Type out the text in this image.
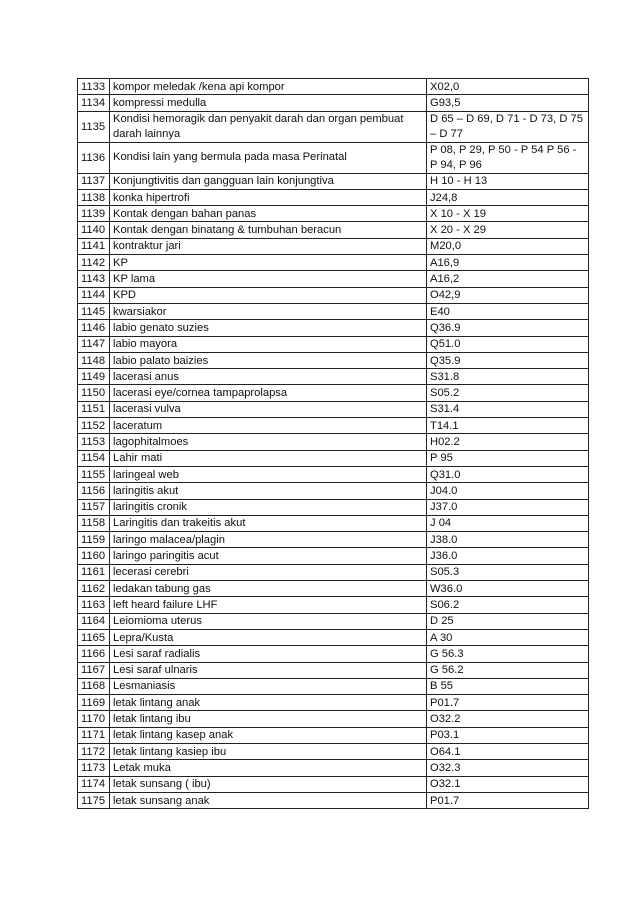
1133	kompor meledak /kena api kompor	X02,0
1134	kompressi medulla	G93,5
1135	Kondisi hemoragik dan penyakit darah dan organ pembuat darah lainnya	D 65 – D 69, D 71 - D 73, D 75 – D 77
1136	Kondisi lain yang bermula pada masa Perinatal	P 08, P 29, P 50 - P 54 P 56 - P 94, P 96
1137	Konjungtivitis dan gangguan lain konjungtiva	H 10 - H 13
1138	konka hipertrofi	J24,8
1139	Kontak dengan bahan panas	X 10 - X 19
1140	Kontak dengan binatang & tumbuhan beracun	X 20 - X 29
1141	kontraktur jari	M20,0
1142	KP	A16,9
1143	KP lama	A16,2
1144	KPD	O42,9
1145	kwarsiakor	E40
1146	labio genato suzies	Q36.9
1147	labio mayora	Q51.0
1148	labio palato baizies	Q35.9
1149	lacerasi anus	S31.8
1150	lacerasi eye/cornea tampaprolapsa	S05.2
1151	lacerasi vulva	S31.4
1152	laceratum	T14.1
1153	lagophitalmoes	H02.2
1154	Lahir mati	P 95
1155	laringeal web	Q31.0
1156	laringitis akut	J04.0
1157	laringitis cronik	J37.0
1158	Laringitis dan trakeitis akut	J 04
1159	laringo malacea/plagin	J38.0
1160	laringo paringitis acut	J36.0
1161	lecerasi cerebri	S05.3
1162	ledakan tabung gas	W36.0
1163	left heard failure LHF	S06.2
1164	Leiomioma uterus	D 25
1165	Lepra/Kusta	A 30
1166	Lesi saraf radialis	G 56.3
1167	Lesi saraf ulnaris	G 56.2
1168	Lesmaniasis	B 55
1169	letak lintang anak	P01.7
1170	letak lintang ibu	O32.2
1171	letak lintang kasep anak	P03.1
1172	letak lintang kasiep ibu	O64.1
1173	Letak muka	O32.3
1174	letak sunsang ( ibu)	O32.1
1175	letak sunsang anak	P01.7
